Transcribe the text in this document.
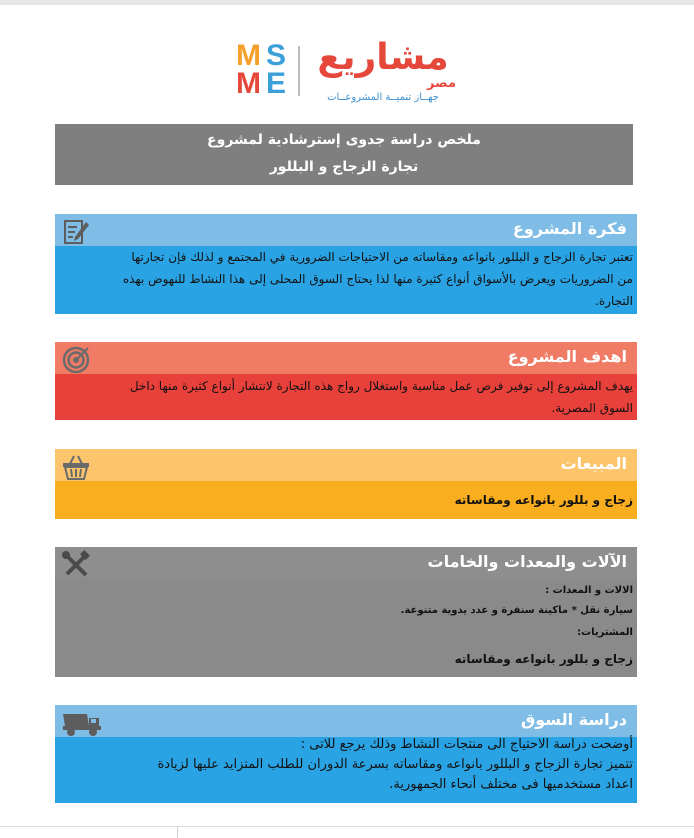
M S
M E
مشاريع
مصر
جهــاز تنميــة المشروعــات
ملخص دراسة جدوى إسترشادية لمشروع
تجارة الزجاج و البللور
فكرة المشروع
تعتبر تجارة الزجاج و البللور بانواعه ومقاساته من الاحتياجات الضرورية في المجتمع و لذلك فإن تجارتها
من الضروريات ويعرض بالأسواق أنواع كثيرة منها لذا يحتاج السوق المحلى إلى هذا النشاط للنهوض بهذه
التجارة.
اهدف المشروع
يهدف المشروع إلى توفير فرص عمل مناسبة واستغلال رواج هذه التجارة لانتشار أنواع كثيرة منها داخل
السوق المصرية.
المبيعات
زجاج و بللور بانواعه ومقاساته
الآلات والمعدات والخامات
الالات و المعدات :
سيارة نقل * ماكينة سنفرة و عدد يدوية متنوعة.
المشتريات:
زجاج و بللور بانواعه ومقاساته
دراسة السوق
أوضحت دراسة الاحتياج الى منتجات النشاط وذلك يرجع للاتى :
تتميز تجارة الزجاج و البللور بانواعه ومقاساته بسرعة الدوران للطلب المتزايد عليها لزيادة
اعداد مستخدميها فى مختلف أنحاء الجمهورية.
